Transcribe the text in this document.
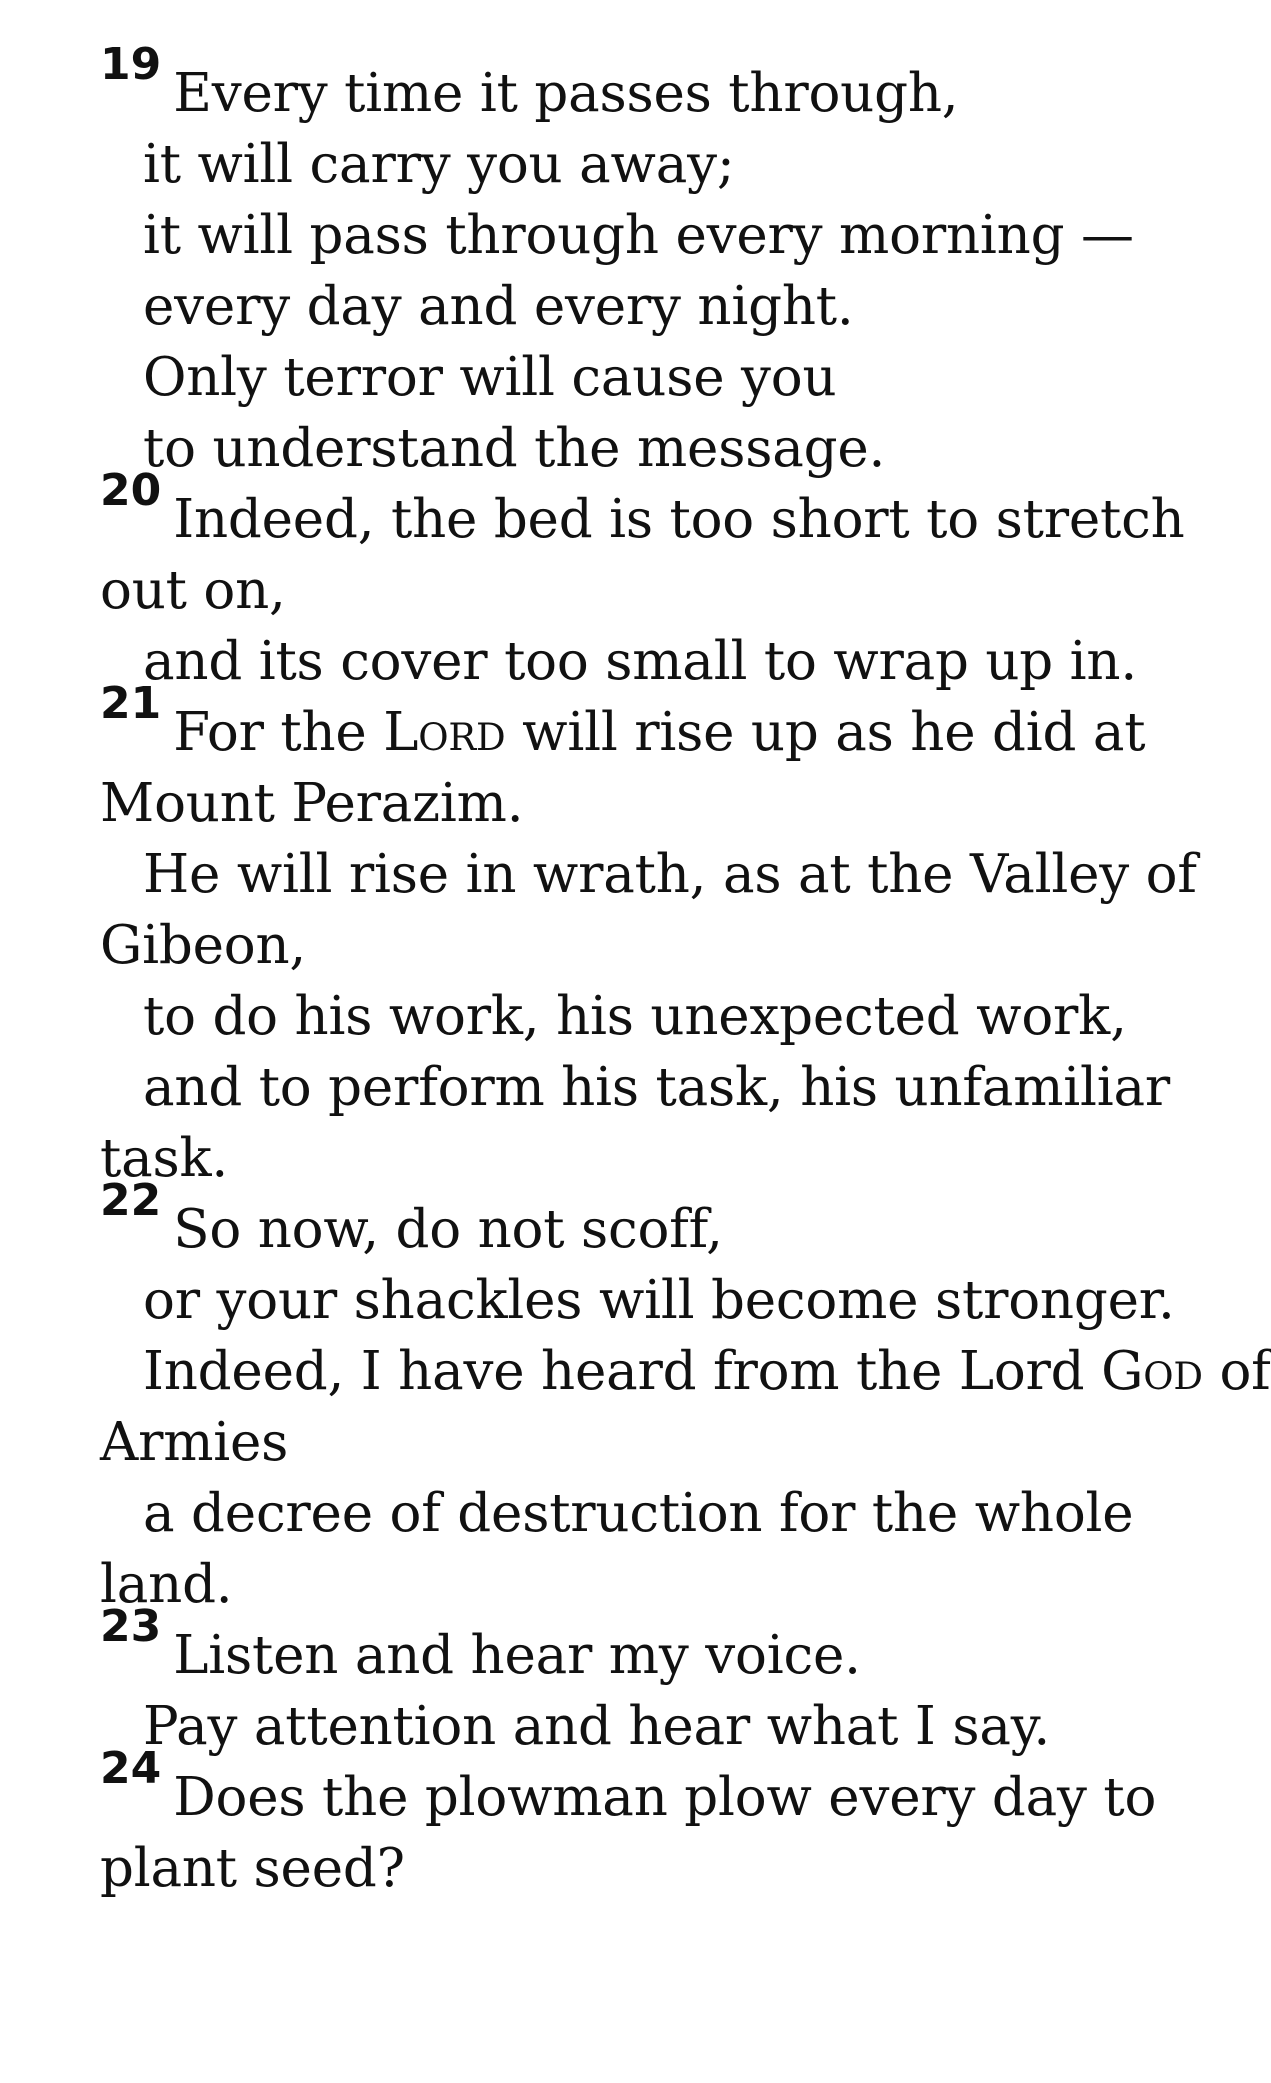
$^{19}$ Every time it passes through,
it will carry you away;
it will pass through every morning —
every day and every night.
Only terror will cause you
to understand the message.
$^{20}$ Indeed, the bed is too short to stretch
out on,
and its cover too small to wrap up in.
$^{21}$ For the Lord will rise up as he did at
Mount Perazim.
He will rise in wrath, as at the Valley of
Gibeon,
to do his work, his unexpected work,
and to perform his task, his unfamiliar
task.
$^{22}$ So now, do not scoff,
or your shackles will become stronger.
Indeed, I have heard from the Lord God of
Armies
a decree of destruction for the whole
land.
$^{23}$ Listen and hear my voice.
Pay attention and hear what I say.
$^{24}$ Does the plowman plow every day to
plant seed?
